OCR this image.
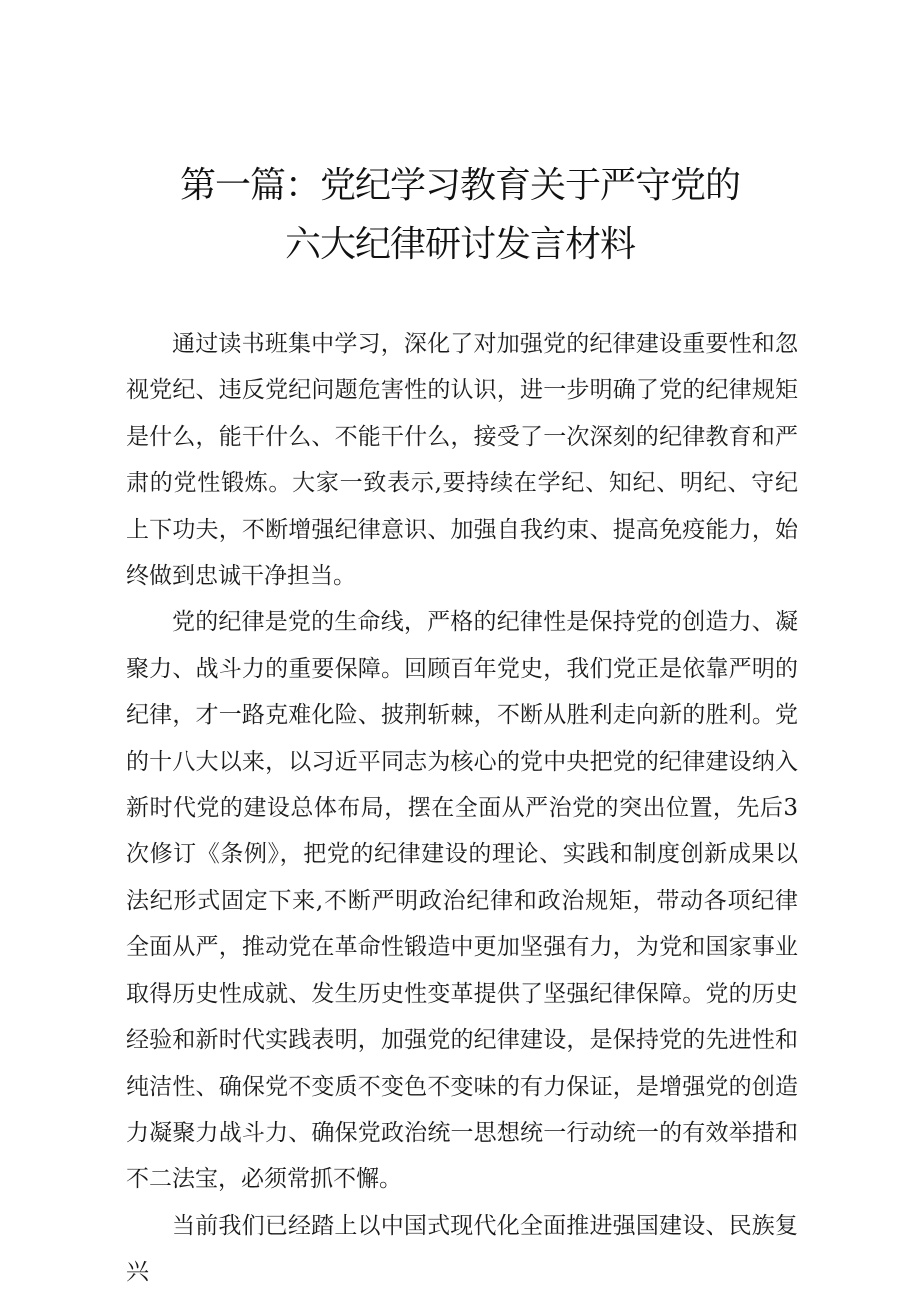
第一篇：党纪学习教育关于严守党的
六大纪律研讨发言材料

通过读书班集中学习，深化了对加强党的纪律建设重要性和忽视党纪、违反党纪问题危害性的认识，进一步明确了党的纪律规矩是什么，能干什么、不能干什么，接受了一次深刻的纪律教育和严肃的党性锻炼。大家一致表示,要持续在学纪、知纪、明纪、守纪上下功夫，不断增强纪律意识、加强自我约束、提高免疫能力，始终做到忠诚干净担当。

党的纪律是党的生命线，严格的纪律性是保持党的创造力、凝聚力、战斗力的重要保障。回顾百年党史，我们党正是依靠严明的纪律，才一路克难化险、披荆斩棘，不断从胜利走向新的胜利。党的十八大以来，以习近平同志为核心的党中央把党的纪律建设纳入新时代党的建设总体布局，摆在全面从严治党的突出位置，先后3次修订《条例》，把党的纪律建设的理论、实践和制度创新成果以法纪形式固定下来,不断严明政治纪律和政治规矩，带动各项纪律全面从严，推动党在革命性锻造中更加坚强有力，为党和国家事业取得历史性成就、发生历史性变革提供了坚强纪律保障。党的历史经验和新时代实践表明，加强党的纪律建设，是保持党的先进性和纯洁性、确保党不变质不变色不变味的有力保证，是增强党的创造力凝聚力战斗力、确保党政治统一思想统一行动统一的有效举措和不二法宝，必须常抓不懈。

当前我们已经踏上以中国式现代化全面推进强国建设、民族复兴
